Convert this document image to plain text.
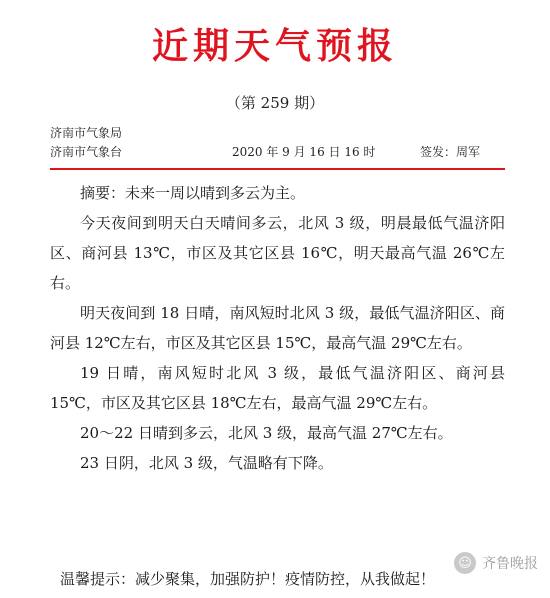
近期天气预报
（第 259 期）
济南市气象局
济南市气象台	2020 年 9 月 16 日 16 时	签发：周军

摘要：未来一周以晴到多云为主。

今天夜间到明天白天晴间多云，北风 3 级，明晨最低气温济阳区、商河县 13℃，市区及其它区县 16℃，明天最高气温 26℃左右。

明天夜间到 18 日晴，南风短时北风 3 级，最低气温济阳区、商河县 12℃左右，市区及其它区县 15℃，最高气温 29℃左右。

19 日晴，南风短时北风 3 级，最低气温济阳区、商河县 15℃，市区及其它区县 18℃左右，最高气温 29℃左右。

20～22 日晴到多云，北风 3 级，最高气温 27℃左右。

23 日阴，北风 3 级，气温略有下降。

温馨提示：减少聚集，加强防护！疫情防控，从我做起！
☺ 齐鲁晚报
